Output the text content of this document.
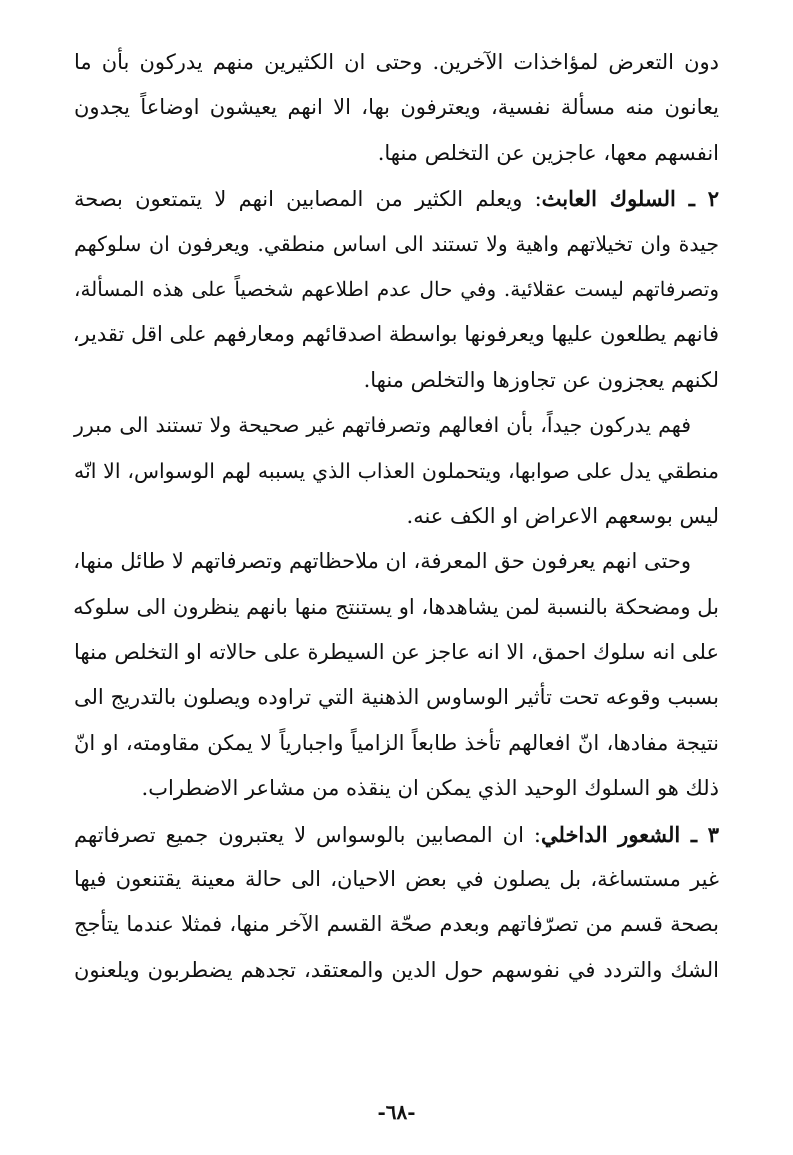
دون التعرض لمؤاخذات الآخرين. وحتى ان الكثيرين منهم يدركون بأن ما
يعانون منه مسألة نفسية، ويعترفون بها، الا انهم يعيشون اوضاعاً يجدون
انفسهم معها، عاجزين عن التخلص منها.
٢ ـ السلوك العابث: ويعلم الكثير من المصابين انهم لا يتمتعون بصحة
جيدة وان تخيلاتهم واهية ولا تستند الى اساس منطقي. ويعرفون ان سلوكهم
وتصرفاتهم ليست عقلائية. وفي حال عدم اطلاعهم شخصياً على هذه المسألة،
فانهم يطلعون عليها ويعرفونها بواسطة اصدقائهم ومعارفهم على اقل تقدير،
لكنهم يعجزون عن تجاوزها والتخلص منها.
فهم يدركون جيداً، بأن افعالهم وتصرفاتهم غير صحيحة ولا تستند الى مبرر
منطقي يدل على صوابها، ويتحملون العذاب الذي يسببه لهم الوسواس، الا انّه
ليس بوسعهم الاعراض او الكف عنه.
وحتى انهم يعرفون حق المعرفة، ان ملاحظاتهم وتصرفاتهم لا طائل منها،
بل ومضحكة بالنسبة لمن يشاهدها، او يستنتج منها بانهم ينظرون الى سلوكه
على انه سلوك احمق، الا انه عاجز عن السيطرة على حالاته او التخلص منها
بسبب وقوعه تحت تأثير الوساوس الذهنية التي تراوده ويصلون بالتدريج الى
نتيجة مفادها، انّ افعالهم تأخذ طابعاً الزامياً واجبارياً لا يمكن مقاومته، او انّ
ذلك هو السلوك الوحيد الذي يمكن ان ينقذه من مشاعر الاضطراب.
٣ ـ الشعور الداخلي: ان المصابين بالوسواس لا يعتبرون جميع تصرفاتهم
غير مستساغة، بل يصلون في بعض الاحيان، الى حالة معينة يقتنعون فيها
بصحة قسم من تصرّفاتهم وبعدم صحّة القسم الآخر منها، فمثلا عندما يتأجج
الشك والتردد في نفوسهم حول الدين والمعتقد، تجدهم يضطربون ويلعنون
-٦٨-
